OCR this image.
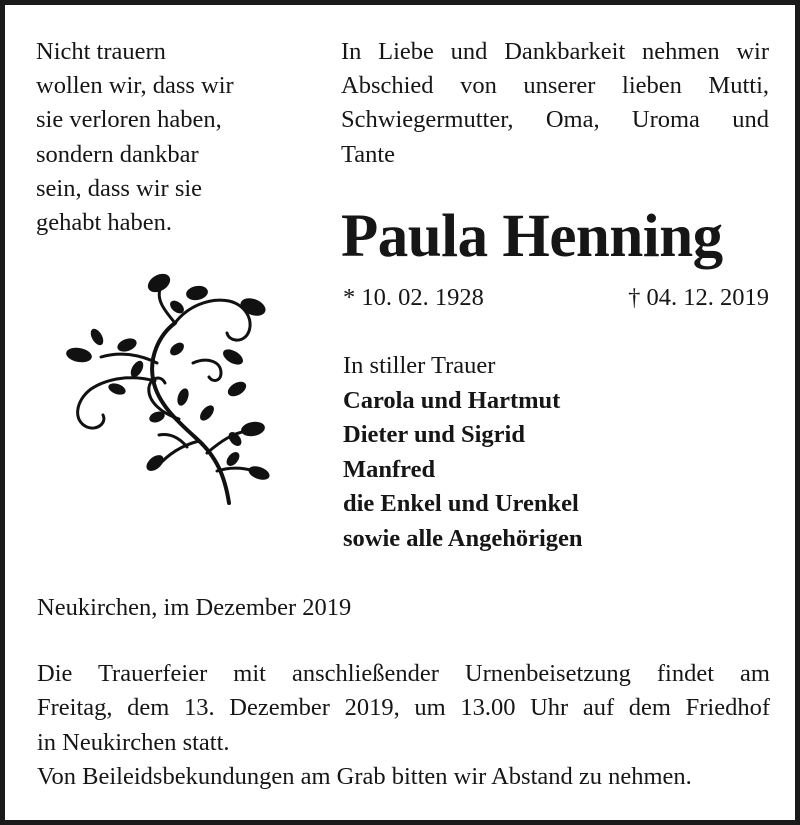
Nicht trauern
wollen wir, dass wir
sie verloren haben,
sondern dankbar
sein, dass wir sie
gehabt haben.

In Liebe und Dankbarkeit nehmen wir
Abschied von unserer lieben Mutti,
Schwiegermutter, Oma, Uroma und
Tante

Paula Henning
* 10. 02. 1928	† 04. 12. 2019
In stiller Trauer
Carola und Hartmut
Dieter und Sigrid
Manfred
die Enkel und Urenkel
sowie alle Angehörigen

Neukirchen, im Dezember 2019

Die Trauerfeier mit anschließender Urnenbeisetzung findet am
Freitag, dem 13. Dezember 2019, um 13.00 Uhr auf dem Friedhof
in Neukirchen statt.
Von Beileidsbekundungen am Grab bitten wir Abstand zu nehmen.
